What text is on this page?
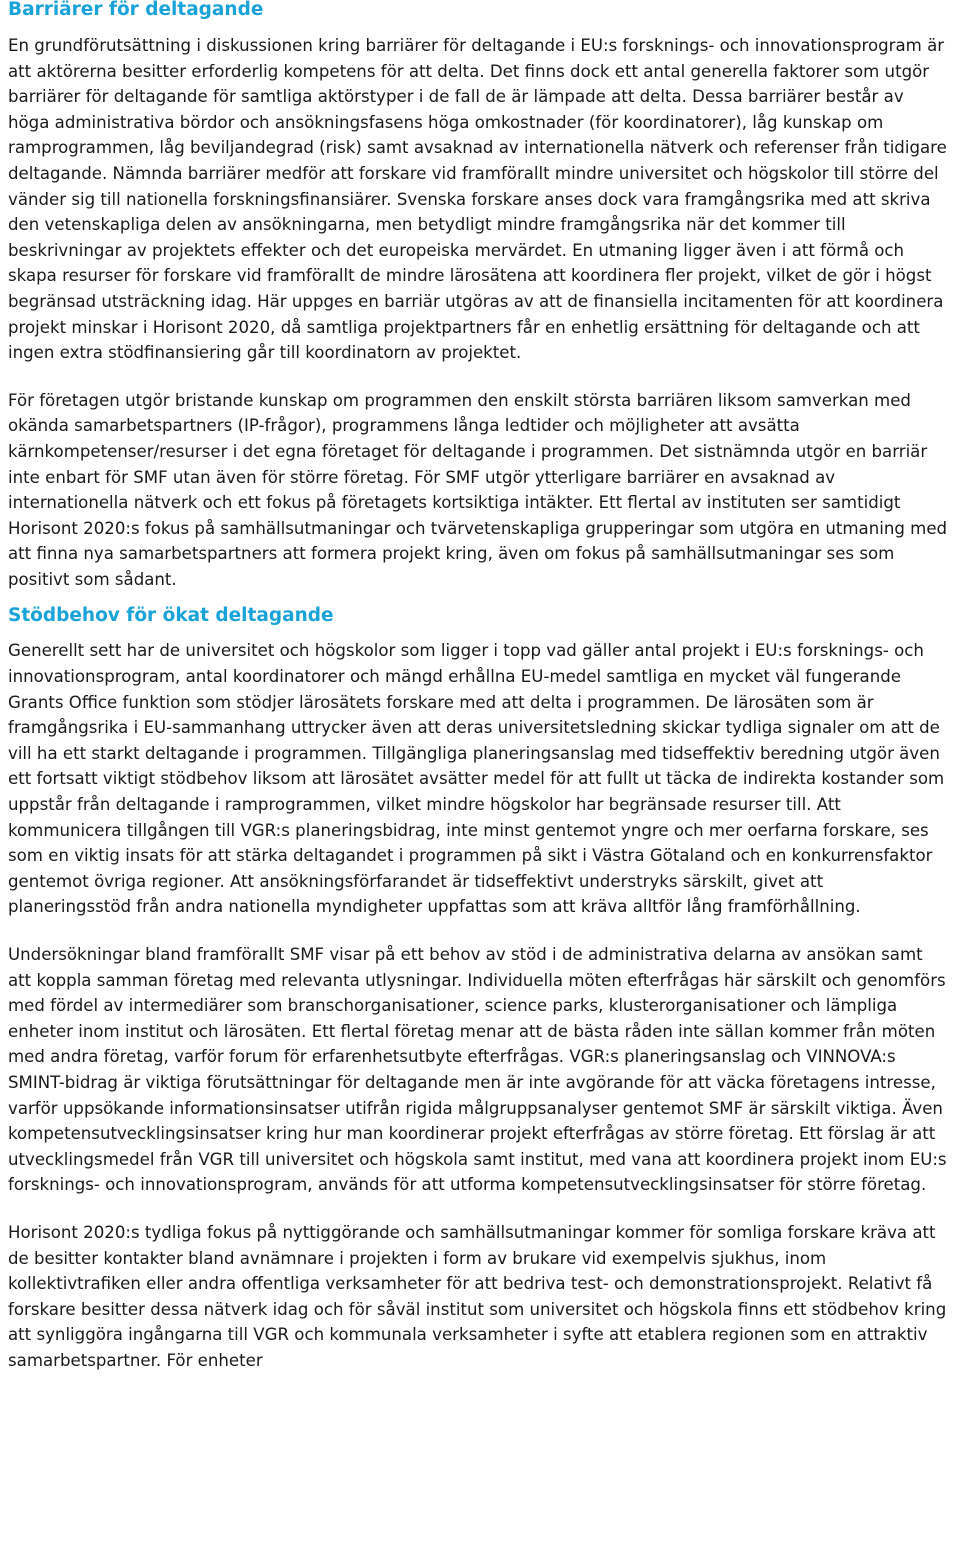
Barriärer för deltagande

En grundförutsättning i diskussionen kring barriärer för deltagande i EU:s forsknings- och innovationsprogram är att aktörerna besitter erforderlig kompetens för att delta. Det finns dock ett antal generella faktorer som utgör barriärer för deltagande för samtliga aktörstyper i de fall de är lämpade att delta. Dessa barriärer består av höga administrativa bördor och ansökningsfasens höga omkostnader (för koordinatorer), låg kunskap om ramprogrammen, låg beviljandegrad (risk) samt avsaknad av internationella nätverk och referenser från tidigare deltagande. Nämnda barriärer medför att forskare vid framförallt mindre universitet och högskolor till större del vänder sig till nationella forskningsfinansiärer. Svenska forskare anses dock vara framgångsrika med att skriva den vetenskapliga delen av ansökningarna, men betydligt mindre framgångsrika när det kommer till beskrivningar av projektets effekter och det europeiska mervärdet. En utmaning ligger även i att förmå och skapa resurser för forskare vid framförallt de mindre lärosätena att koordinera fler projekt, vilket de gör i högst begränsad utsträckning idag. Här uppges en barriär utgöras av att de finansiella incitamenten för att koordinera projekt minskar i Horisont 2020, då samtliga projektpartners får en enhetlig ersättning för deltagande och att ingen extra stödfinansiering går till koordinatorn av projektet.

För företagen utgör bristande kunskap om programmen den enskilt största barriären liksom samverkan med okända samarbetspartners (IP-frågor), programmens långa ledtider och möjligheter att avsätta kärnkompetenser/resurser i det egna företaget för deltagande i programmen. Det sistnämnda utgör en barriär inte enbart för SMF utan även för större företag. För SMF utgör ytterligare barriärer en avsaknad av internationella nätverk och ett fokus på företagets kortsiktiga intäkter. Ett flertal av instituten ser samtidigt Horisont 2020:s fokus på samhällsutmaningar och tvärvetenskapliga grupperingar som utgöra en utmaning med att finna nya samarbetspartners att formera projekt kring, även om fokus på samhällsutmaningar ses som positivt som sådant.

Stödbehov för ökat deltagande

Generellt sett har de universitet och högskolor som ligger i topp vad gäller antal projekt i EU:s forsknings- och innovationsprogram, antal koordinatorer och mängd erhållna EU-medel samtliga en mycket väl fungerande Grants Office funktion som stödjer lärosätets forskare med att delta i programmen. De lärosäten som är framgångsrika i EU-sammanhang uttrycker även att deras universitetsledning skickar tydliga signaler om att de vill ha ett starkt deltagande i programmen. Tillgängliga planeringsanslag med tidseffektiv beredning utgör även ett fortsatt viktigt stödbehov liksom att lärosätet avsätter medel för att fullt ut täcka de indirekta kostander som uppstår från deltagande i ramprogrammen, vilket mindre högskolor har begränsade resurser till. Att kommunicera tillgången till VGR:s planeringsbidrag, inte minst gentemot yngre och mer oerfarna forskare, ses som en viktig insats för att stärka deltagandet i programmen på sikt i Västra Götaland och en konkurrensfaktor gentemot övriga regioner. Att ansökningsförfarandet är tidseffektivt understryks särskilt, givet att planeringsstöd från andra nationella myndigheter uppfattas som att kräva alltför lång framförhållning.

Undersökningar bland framförallt SMF visar på ett behov av stöd i de administrativa delarna av ansökan samt att koppla samman företag med relevanta utlysningar. Individuella möten efterfrågas här särskilt och genomförs med fördel av intermediärer som branschorganisationer, science parks, klusterorganisationer och lämpliga enheter inom institut och lärosäten. Ett flertal företag menar att de bästa råden inte sällan kommer från möten med andra företag, varför forum för erfarenhetsutbyte efterfrågas. VGR:s planeringsanslag och VINNOVA:s SMINT-bidrag är viktiga förutsättningar för deltagande men är inte avgörande för att väcka företagens intresse, varför uppsökande informationsinsatser utifrån rigida målgruppsanalyser gentemot SMF är särskilt viktiga. Även kompetensutvecklingsinsatser kring hur man koordinerar projekt efterfrågas av större företag. Ett förslag är att utvecklingsmedel från VGR till universitet och högskola samt institut, med vana att koordinera projekt inom EU:s forsknings- och innovationsprogram, används för att utforma kompetensutvecklingsinsatser för större företag.

Horisont 2020:s tydliga fokus på nyttiggörande och samhällsutmaningar kommer för somliga forskare kräva att de besitter kontakter bland avnämnare i projekten i form av brukare vid exempelvis sjukhus, inom kollektivtrafiken eller andra offentliga verksamheter för att bedriva test- och demonstrationsprojekt. Relativt få forskare besitter dessa nätverk idag och för såväl institut som universitet och högskola finns ett stödbehov kring att synliggöra ingångarna till VGR och kommunala verksamheter i syfte att etablera regionen som en attraktiv samarbetspartner. För enheter
